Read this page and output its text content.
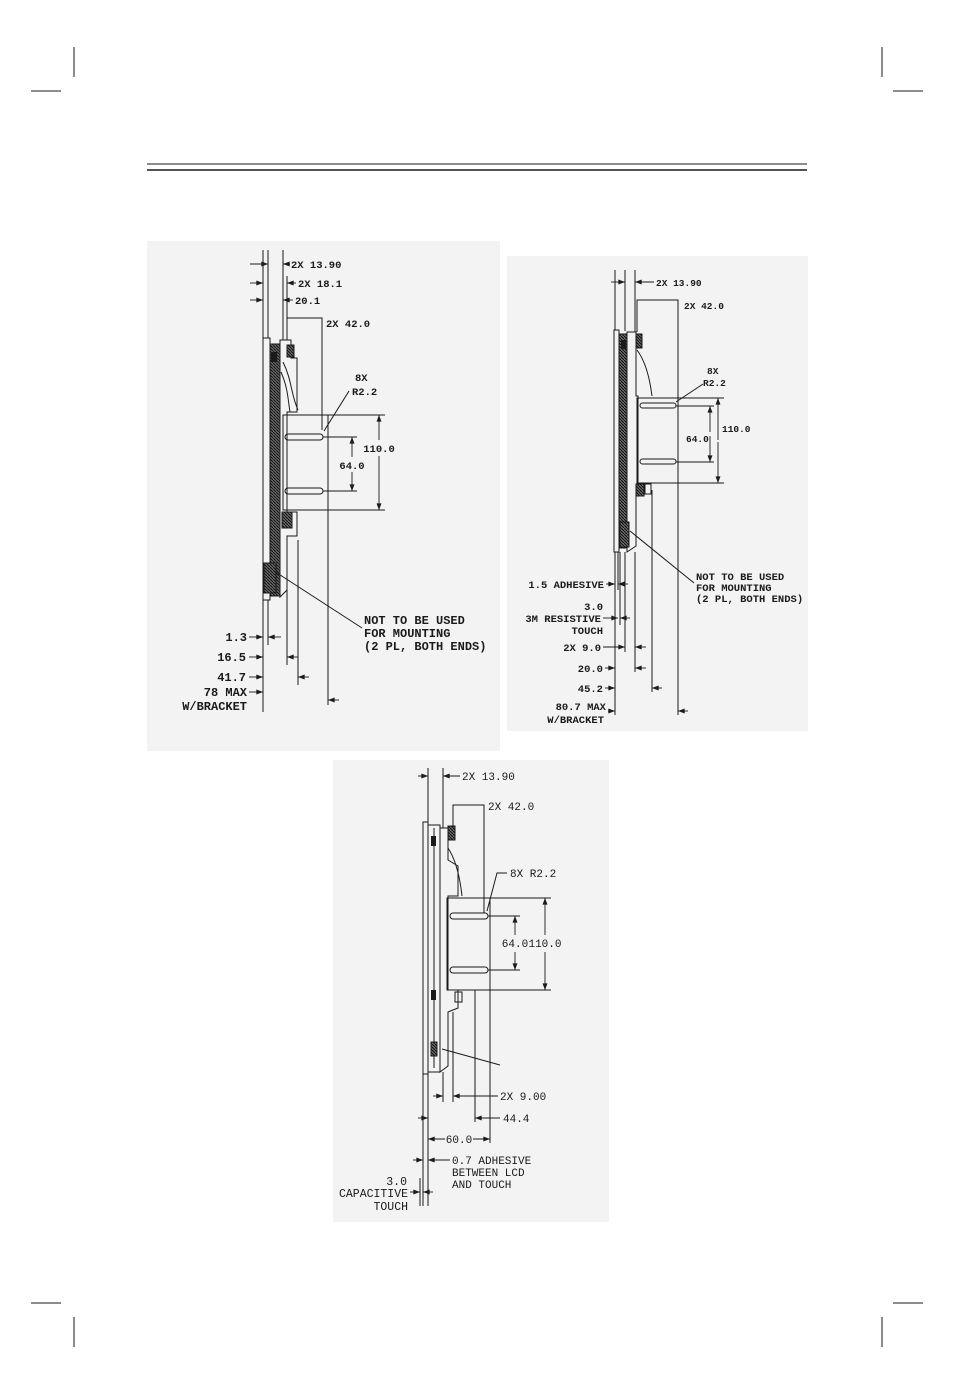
2X 13.90
2X 18.1
20.1
2X 42.0
8X
R2.2
110.0
64.0
NOT TO BE USED
FOR MOUNTING
(2 PL, BOTH ENDS)
1.3
16.5
41.7
78 MAX
W/BRACKET
2X 13.90
2X 42.0
8X
R2.2
110.0
64.0
NOT TO BE USED
FOR MOUNTING
(2 PL, BOTH ENDS)
1.5 ADHESIVE
3.0
3M RESISTIVE
TOUCH
2X 9.0
20.0
45.2
80.7 MAX
W/BRACKET
2X 13.90
2X 42.0
8X R2.2
64.0 110.0
2X 9.00
44.4
60.0
0.7 ADHESIVE
BETWEEN LCD
AND TOUCH
3.0
CAPACITIVE
TOUCH
